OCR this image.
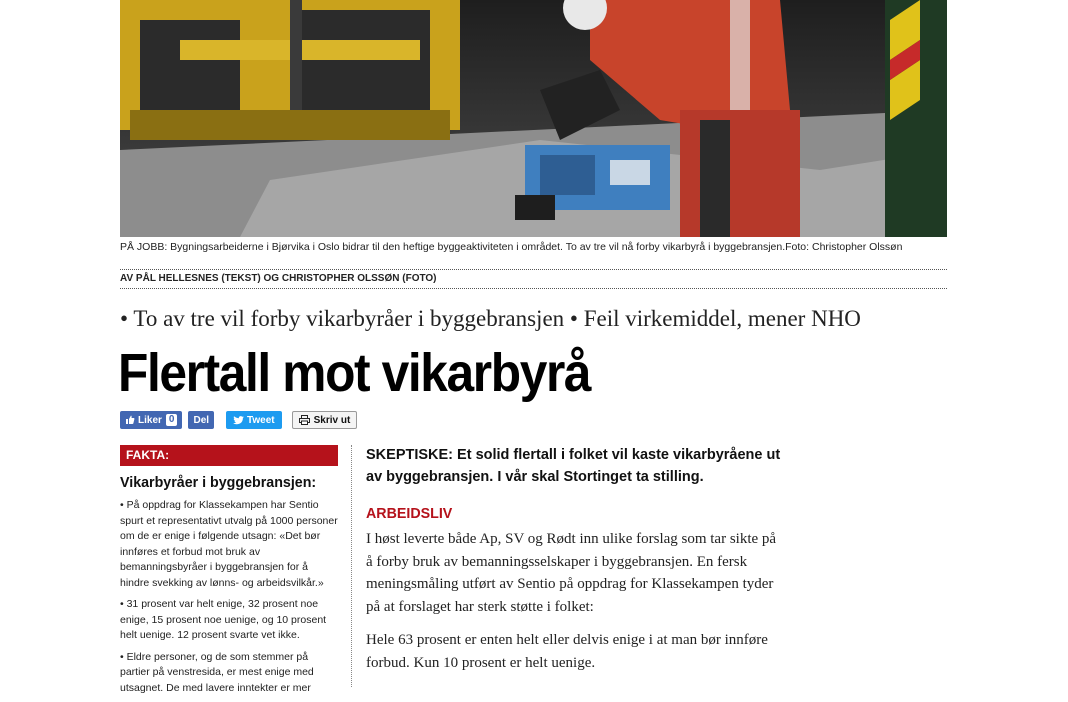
PÅ JOBB: Bygningsarbeiderne i Bjørvika i Oslo bidrar til den heftige byggeaktiviteten i området. To av tre vil nå forby vikarbyrå i byggebransjen.Foto: Christopher Olssøn
AV PÅL HELLESNES (TEKST) OG CHRISTOPHER OLSSØN (FOTO)
• To av tre vil forby vikarbyråer i byggebransjen • Feil virkemiddel, mener NHO
Flertall mot vikarbyrå
Liker 0	Del	Tweet	Skriv ut
FAKTA:
Vikarbyråer i byggebransjen:

• På oppdrag for Klassekampen har Sentio spurt et representativt utvalg på 1000 personer om de er enige i følgende utsagn: «Det bør innføres et forbud mot bruk av bemanningsbyråer i byggebransjen for å hindre svekking av lønns- og arbeidsvilkår.»

• 31 prosent var helt enige, 32 prosent noe enige, 15 prosent noe uenige, og 10 prosent helt uenige. 12 prosent svarte vet ikke.

• Eldre personer, og de som stemmer på partier på venstresida, er mest enige med utsagnet. De med lavere inntekter er mer

SKEPTISKE: Et solid flertall i folket vil kaste vikarbyråene ut av byggebransjen. I vår skal Stortinget ta stilling.

ARBEIDSLIV

I høst leverte både Ap, SV og Rødt inn ulike forslag som tar sikte på å forby bruk av bemanningsselskaper i byggebransjen. En fersk meningsmåling utført av Sentio på oppdrag for Klassekampen tyder på at forslaget har sterk støtte i folket:

Hele 63 prosent er enten helt eller delvis enige i at man bør innføre forbud. Kun 10 prosent er helt uenige.
